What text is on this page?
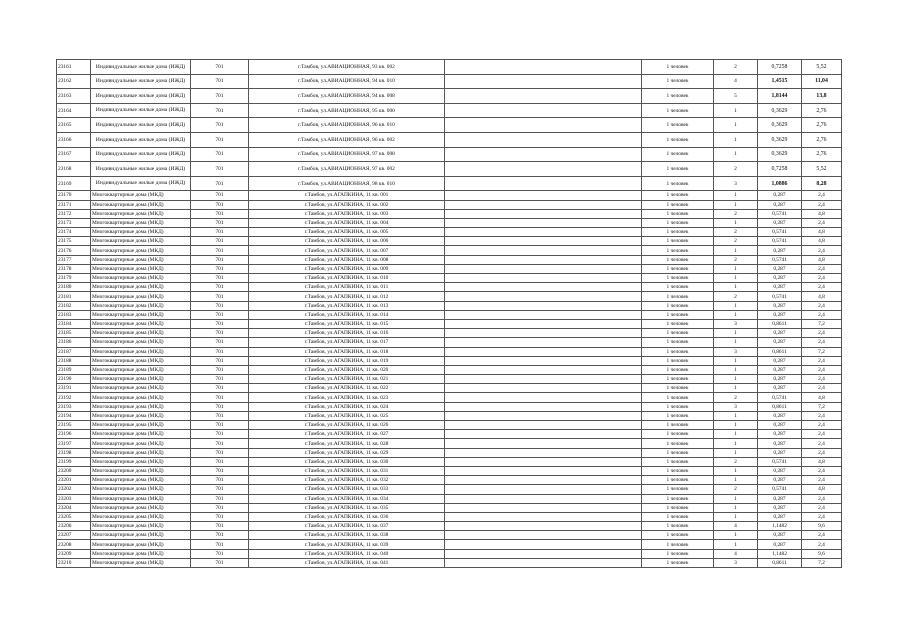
23161	Индивидуальные жилые дома (ИЖД)	701	г.Тамбов, ул.АВИАЦИОННАЯ, 93 кв. 002		1 человек	2	0,7258	5,52
23162	Индивидуальные жилые дома (ИЖД)	701	г.Тамбов, ул.АВИАЦИОННАЯ, 94 кв. 010		1 человек	4	1,4515	11,04
23163	Индивидуальные жилые дома (ИЖД)	701	г.Тамбов, ул.АВИАЦИОННАЯ, 94 кв. 008		1 человек	5	1,8144	13,8
23164	Индивидуальные жилые дома (ИЖД)	701	г.Тамбов, ул.АВИАЦИОННАЯ, 95 кв. 000		1 человек	1	0,3629	2,76
23165	Индивидуальные жилые дома (ИЖД)	701	г.Тамбов, ул.АВИАЦИОННАЯ, 96 кв. 010		1 человек	1	0,3629	2,76
23166	Индивидуальные жилые дома (ИЖД)	701	г.Тамбов, ул.АВИАЦИОННАЯ, 96 кв. 002		1 человек	1	0,3629	2,76
23167	Индивидуальные жилые дома (ИЖД)	701	г.Тамбов, ул.АВИАЦИОННАЯ, 97 кв. 008		1 человек	1	0,3629	2,76
23168	Индивидуальные жилые дома (ИЖД)	701	г.Тамбов, ул.АВИАЦИОННАЯ, 97 кв. 002		1 человек	2	0,7258	5,52
23169	Индивидуальные жилые дома (ИЖД)	701	г.Тамбов, ул.АВИАЦИОННАЯ, 98 кв. 010		1 человек	3	1,0886	8,28
23170	Многоквартирные дома (МКД)	701	г.Тамбов, ул.АГАПКИНА, 11 кв. 001		1 человек	1	0,287	2,4
23171	Многоквартирные дома (МКД)	701	г.Тамбов, ул.АГАПКИНА, 11 кв. 002		1 человек	1	0,287	2,4
23172	Многоквартирные дома (МКД)	701	г.Тамбов, ул.АГАПКИНА, 11 кв. 003		1 человек	2	0,5741	4,8
23173	Многоквартирные дома (МКД)	701	г.Тамбов, ул.АГАПКИНА, 11 кв. 004		1 человек	1	0,287	2,4
23174	Многоквартирные дома (МКД)	701	г.Тамбов, ул.АГАПКИНА, 11 кв. 005		1 человек	2	0,5741	4,8
23175	Многоквартирные дома (МКД)	701	г.Тамбов, ул.АГАПКИНА, 11 кв. 006		1 человек	2	0,5741	4,8
23176	Многоквартирные дома (МКД)	701	г.Тамбов, ул.АГАПКИНА, 11 кв. 007		1 человек	1	0,287	2,4
23177	Многоквартирные дома (МКД)	701	г.Тамбов, ул.АГАПКИНА, 11 кв. 008		1 человек	2	0,5741	4,8
23178	Многоквартирные дома (МКД)	701	г.Тамбов, ул.АГАПКИНА, 11 кв. 009		1 человек	1	0,287	2,4
23179	Многоквартирные дома (МКД)	701	г.Тамбов, ул.АГАПКИНА, 11 кв. 010		1 человек	1	0,287	2,4
23180	Многоквартирные дома (МКД)	701	г.Тамбов, ул.АГАПКИНА, 11 кв. 011		1 человек	1	0,287	2,4
23181	Многоквартирные дома (МКД)	701	г.Тамбов, ул.АГАПКИНА, 11 кв. 012		1 человек	2	0,5741	4,8
23182	Многоквартирные дома (МКД)	701	г.Тамбов, ул.АГАПКИНА, 11 кв. 013		1 человек	1	0,287	2,4
23183	Многоквартирные дома (МКД)	701	г.Тамбов, ул.АГАПКИНА, 11 кв. 014		1 человек	1	0,287	2,4
23184	Многоквартирные дома (МКД)	701	г.Тамбов, ул.АГАПКИНА, 11 кв. 015		1 человек	3	0,8611	7,2
23185	Многоквартирные дома (МКД)	701	г.Тамбов, ул.АГАПКИНА, 11 кв. 016		1 человек	1	0,287	2,4
23186	Многоквартирные дома (МКД)	701	г.Тамбов, ул.АГАПКИНА, 11 кв. 017		1 человек	1	0,287	2,4
23187	Многоквартирные дома (МКД)	701	г.Тамбов, ул.АГАПКИНА, 11 кв. 018		1 человек	3	0,8611	7,2
23188	Многоквартирные дома (МКД)	701	г.Тамбов, ул.АГАПКИНА, 11 кв. 019		1 человек	1	0,287	2,4
23189	Многоквартирные дома (МКД)	701	г.Тамбов, ул.АГАПКИНА, 11 кв. 020		1 человек	1	0,287	2,4
23190	Многоквартирные дома (МКД)	701	г.Тамбов, ул.АГАПКИНА, 11 кв. 021		1 человек	1	0,287	2,4
23191	Многоквартирные дома (МКД)	701	г.Тамбов, ул.АГАПКИНА, 11 кв. 022		1 человек	1	0,287	2,4
23192	Многоквартирные дома (МКД)	701	г.Тамбов, ул.АГАПКИНА, 11 кв. 023		1 человек	2	0,5741	4,8
23193	Многоквартирные дома (МКД)	701	г.Тамбов, ул.АГАПКИНА, 11 кв. 024		1 человек	3	0,8611	7,2
23194	Многоквартирные дома (МКД)	701	г.Тамбов, ул.АГАПКИНА, 11 кв. 025		1 человек	1	0,287	2,4
23195	Многоквартирные дома (МКД)	701	г.Тамбов, ул.АГАПКИНА, 11 кв. 026		1 человек	1	0,287	2,4
23196	Многоквартирные дома (МКД)	701	г.Тамбов, ул.АГАПКИНА, 11 кв. 027		1 человек	1	0,287	2,4
23197	Многоквартирные дома (МКД)	701	г.Тамбов, ул.АГАПКИНА, 11 кв. 028		1 человек	1	0,287	2,4
23198	Многоквартирные дома (МКД)	701	г.Тамбов, ул.АГАПКИНА, 11 кв. 029		1 человек	1	0,287	2,4
23199	Многоквартирные дома (МКД)	701	г.Тамбов, ул.АГАПКИНА, 11 кв. 030		1 человек	2	0,5741	4,8
23200	Многоквартирные дома (МКД)	701	г.Тамбов, ул.АГАПКИНА, 11 кв. 031		1 человек	1	0,287	2,4
23201	Многоквартирные дома (МКД)	701	г.Тамбов, ул.АГАПКИНА, 11 кв. 032		1 человек	1	0,287	2,4
23202	Многоквартирные дома (МКД)	701	г.Тамбов, ул.АГАПКИНА, 11 кв. 033		1 человек	2	0,5741	4,8
23203	Многоквартирные дома (МКД)	701	г.Тамбов, ул.АГАПКИНА, 11 кв. 034		1 человек	1	0,287	2,4
23204	Многоквартирные дома (МКД)	701	г.Тамбов, ул.АГАПКИНА, 11 кв. 035		1 человек	1	0,287	2,4
23205	Многоквартирные дома (МКД)	701	г.Тамбов, ул.АГАПКИНА, 11 кв. 036		1 человек	1	0,287	2,4
23206	Многоквартирные дома (МКД)	701	г.Тамбов, ул.АГАПКИНА, 11 кв. 037		1 человек	4	1,1482	9,6
23207	Многоквартирные дома (МКД)	701	г.Тамбов, ул.АГАПКИНА, 11 кв. 038		1 человек	1	0,287	2,4
23208	Многоквартирные дома (МКД)	701	г.Тамбов, ул.АГАПКИНА, 11 кв. 039		1 человек	1	0,287	2,4
23209	Многоквартирные дома (МКД)	701	г.Тамбов, ул.АГАПКИНА, 11 кв. 040		1 человек	4	1,1482	9,6
23210	Многоквартирные дома (МКД)	701	г.Тамбов, ул.АГАПКИНА, 11 кв. 041		1 человек	3	0,8611	7,2
